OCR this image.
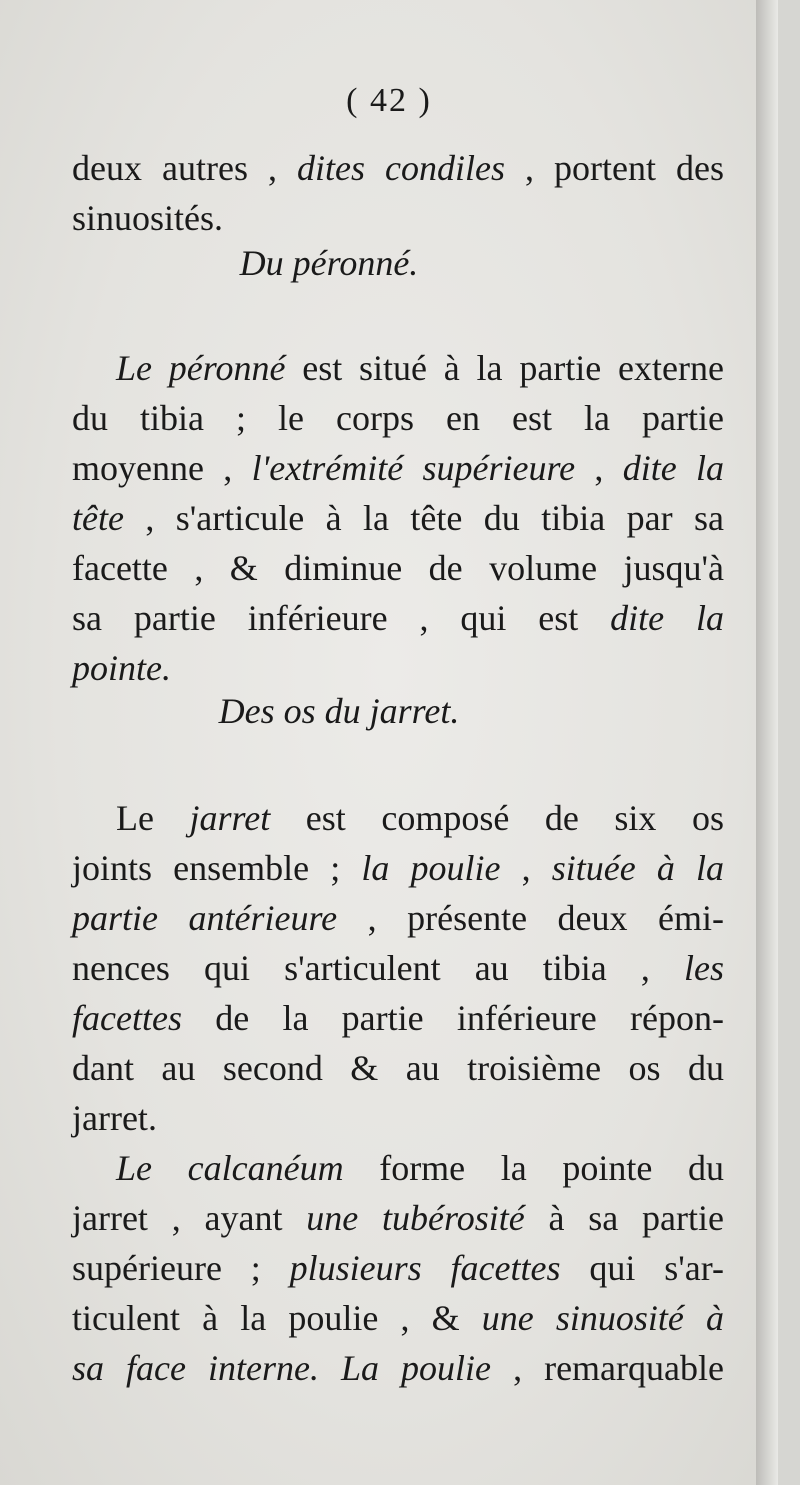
( 42 )
deux autres , dites condiles , portent des
sinuosités.
Du péronné.
Le péronné est situé à la partie externe
du tibia ; le corps en est la partie
moyenne , l'extrémité supérieure , dite la
tête , s'articule à la tête du tibia par sa
facette , & diminue de volume jusqu'à
sa partie inférieure , qui est dite la
pointe.
Des os du jarret.
Le jarret est composé de six os
joints ensemble ; la poulie , située à la
partie antérieure , présente deux émi-
nences qui s'articulent au tibia , les
facettes de la partie inférieure répon-
dant au second & au troisième os du
jarret.
Le calcanéum forme la pointe du
jarret , ayant une tubérosité à sa partie
supérieure ; plusieurs facettes qui s'ar-
ticulent à la poulie , & une sinuosité à
sa face interne. La poulie , remarquable
